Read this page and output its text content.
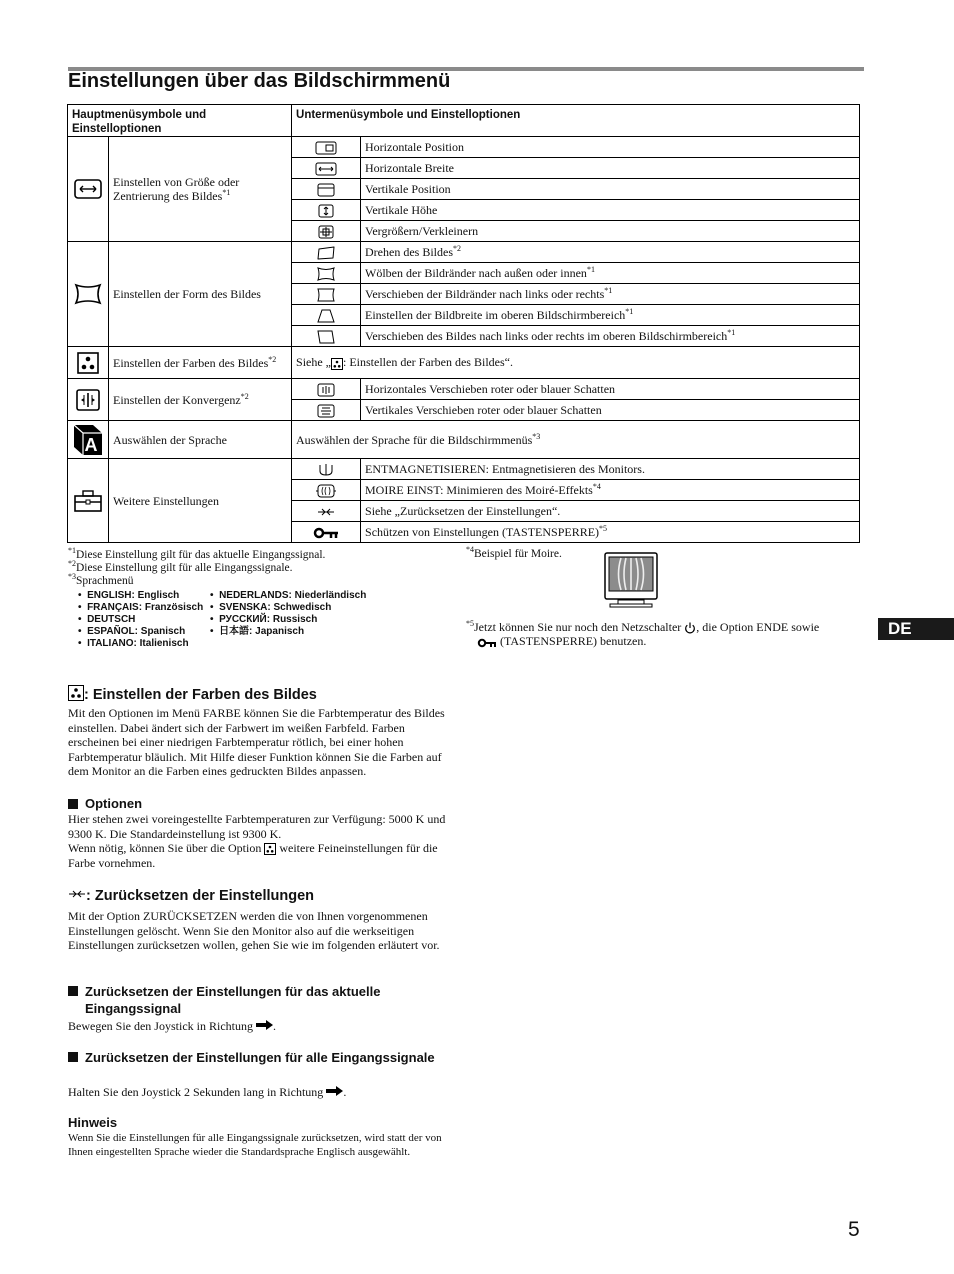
Einstellungen über das Bildschirmmenü
Hauptmenüsymbole und Einstelloptionen		Untermenüsymbole und Einstelloptionen	
	Einstellen von Größe oder Zentrierung des Bildes$^{*1}$		Horizontale Position
	Horizontale Breite
	Vertikale Position
	Vertikale Höhe
	Vergrößern/Verkleinern
	Einstellen der Form des Bildes		Drehen des Bildes$^{*2}$
	Wölben der Bildränder nach außen oder innen$^{*1}$
	Verschieben der Bildränder nach links oder rechts$^{*1}$
	Einstellen der Bildbreite im oberen Bildschirmbereich$^{*1}$
	Verschieben des Bildes nach links oder rechts im oberen Bildschirmbereich$^{*1}$
	Einstellen der Farben des Bildes$^{*2}$	Siehe „ : Einstellen der Farben des Bildes“.	
	Einstellen der Konvergenz$^{*2}$		Horizontales Verschieben roter oder blauer Schatten
	Vertikales Verschieben roter oder blauer Schatten

A	Auswählen der Sprache	Auswählen der Sprache für die Bildschirmmenüs$^{*3}$
	Weitere Einstellungen		ENTMAGNETISIEREN: Entmagnetisieren des Monitors.
	MOIRE EINST: Minimieren des Moiré-Effekts$^{*4}$
	Siehe „Zurücksetzen der Einstellungen“.
	Schützen von Einstellungen (TASTENSPERRE)$^{*5}$
$^{*1}$Diese Einstellung gilt für das aktuelle Eingangssignal.
$^{*2}$Diese Einstellung gilt für alle Eingangssignale.
$^{*3}$Sprachmenü
•  ENGLISH: Englisch
•  FRANÇAIS: Französisch
•  DEUTSCH
•  ESPAÑOL: Spanisch
•  ITALIANO: Italienisch
•  NEDERLANDS: Niederländisch
•  SVENSKA: Schwedisch
•  РУССКИЙ: Russisch
•  日本語: Japanisch
$^{*4}$Beispiel für Moire.
$^{*5}$Jetzt können Sie nur noch den Netzschalter , die Option ENDE sowie
(TASTENSPERRE) benutzen.
DE
: Einstellen der Farben des Bildes
Mit den Optionen im Menü FARBE können Sie die Farbtemperatur des Bildes einstellen. Dabei ändert sich der Farbwert im weißen Farbfeld. Farben erscheinen bei einer niedrigen Farbtemperatur rötlich, bei einer hohen Farbtemperatur bläulich. Mit Hilfe dieser Funktion können Sie die Farben auf dem Monitor an die Farben eines gedruckten Bildes anpassen.
Optionen
Hier stehen zwei voreingestellte Farbtemperaturen zur Verfügung: 5000 K und 9300 K. Die Standardeinstellung ist 9300 K.
Wenn nötig, können Sie über die Option weitere Feineinstellungen für die Farbe vornehmen.
: Zurücksetzen der Einstellungen
Mit der Option ZURÜCKSETZEN werden die von Ihnen vorgenommenen Einstellungen gelöscht. Wenn Sie den Monitor also auf die werkseitigen Einstellungen zurücksetzen wollen, gehen Sie wie im folgenden erläutert vor.
Zurücksetzen der Einstellungen für das aktuelle Eingangssignal
Bewegen Sie den Joystick in Richtung .
Zurücksetzen der Einstellungen für alle Eingangssignale
Halten Sie den Joystick 2 Sekunden lang in Richtung .
Hinweis
Wenn Sie die Einstellungen für alle Eingangssignale zurücksetzen, wird statt der von Ihnen eingestellten Sprache wieder die Standardsprache Englisch ausgewählt.
5
